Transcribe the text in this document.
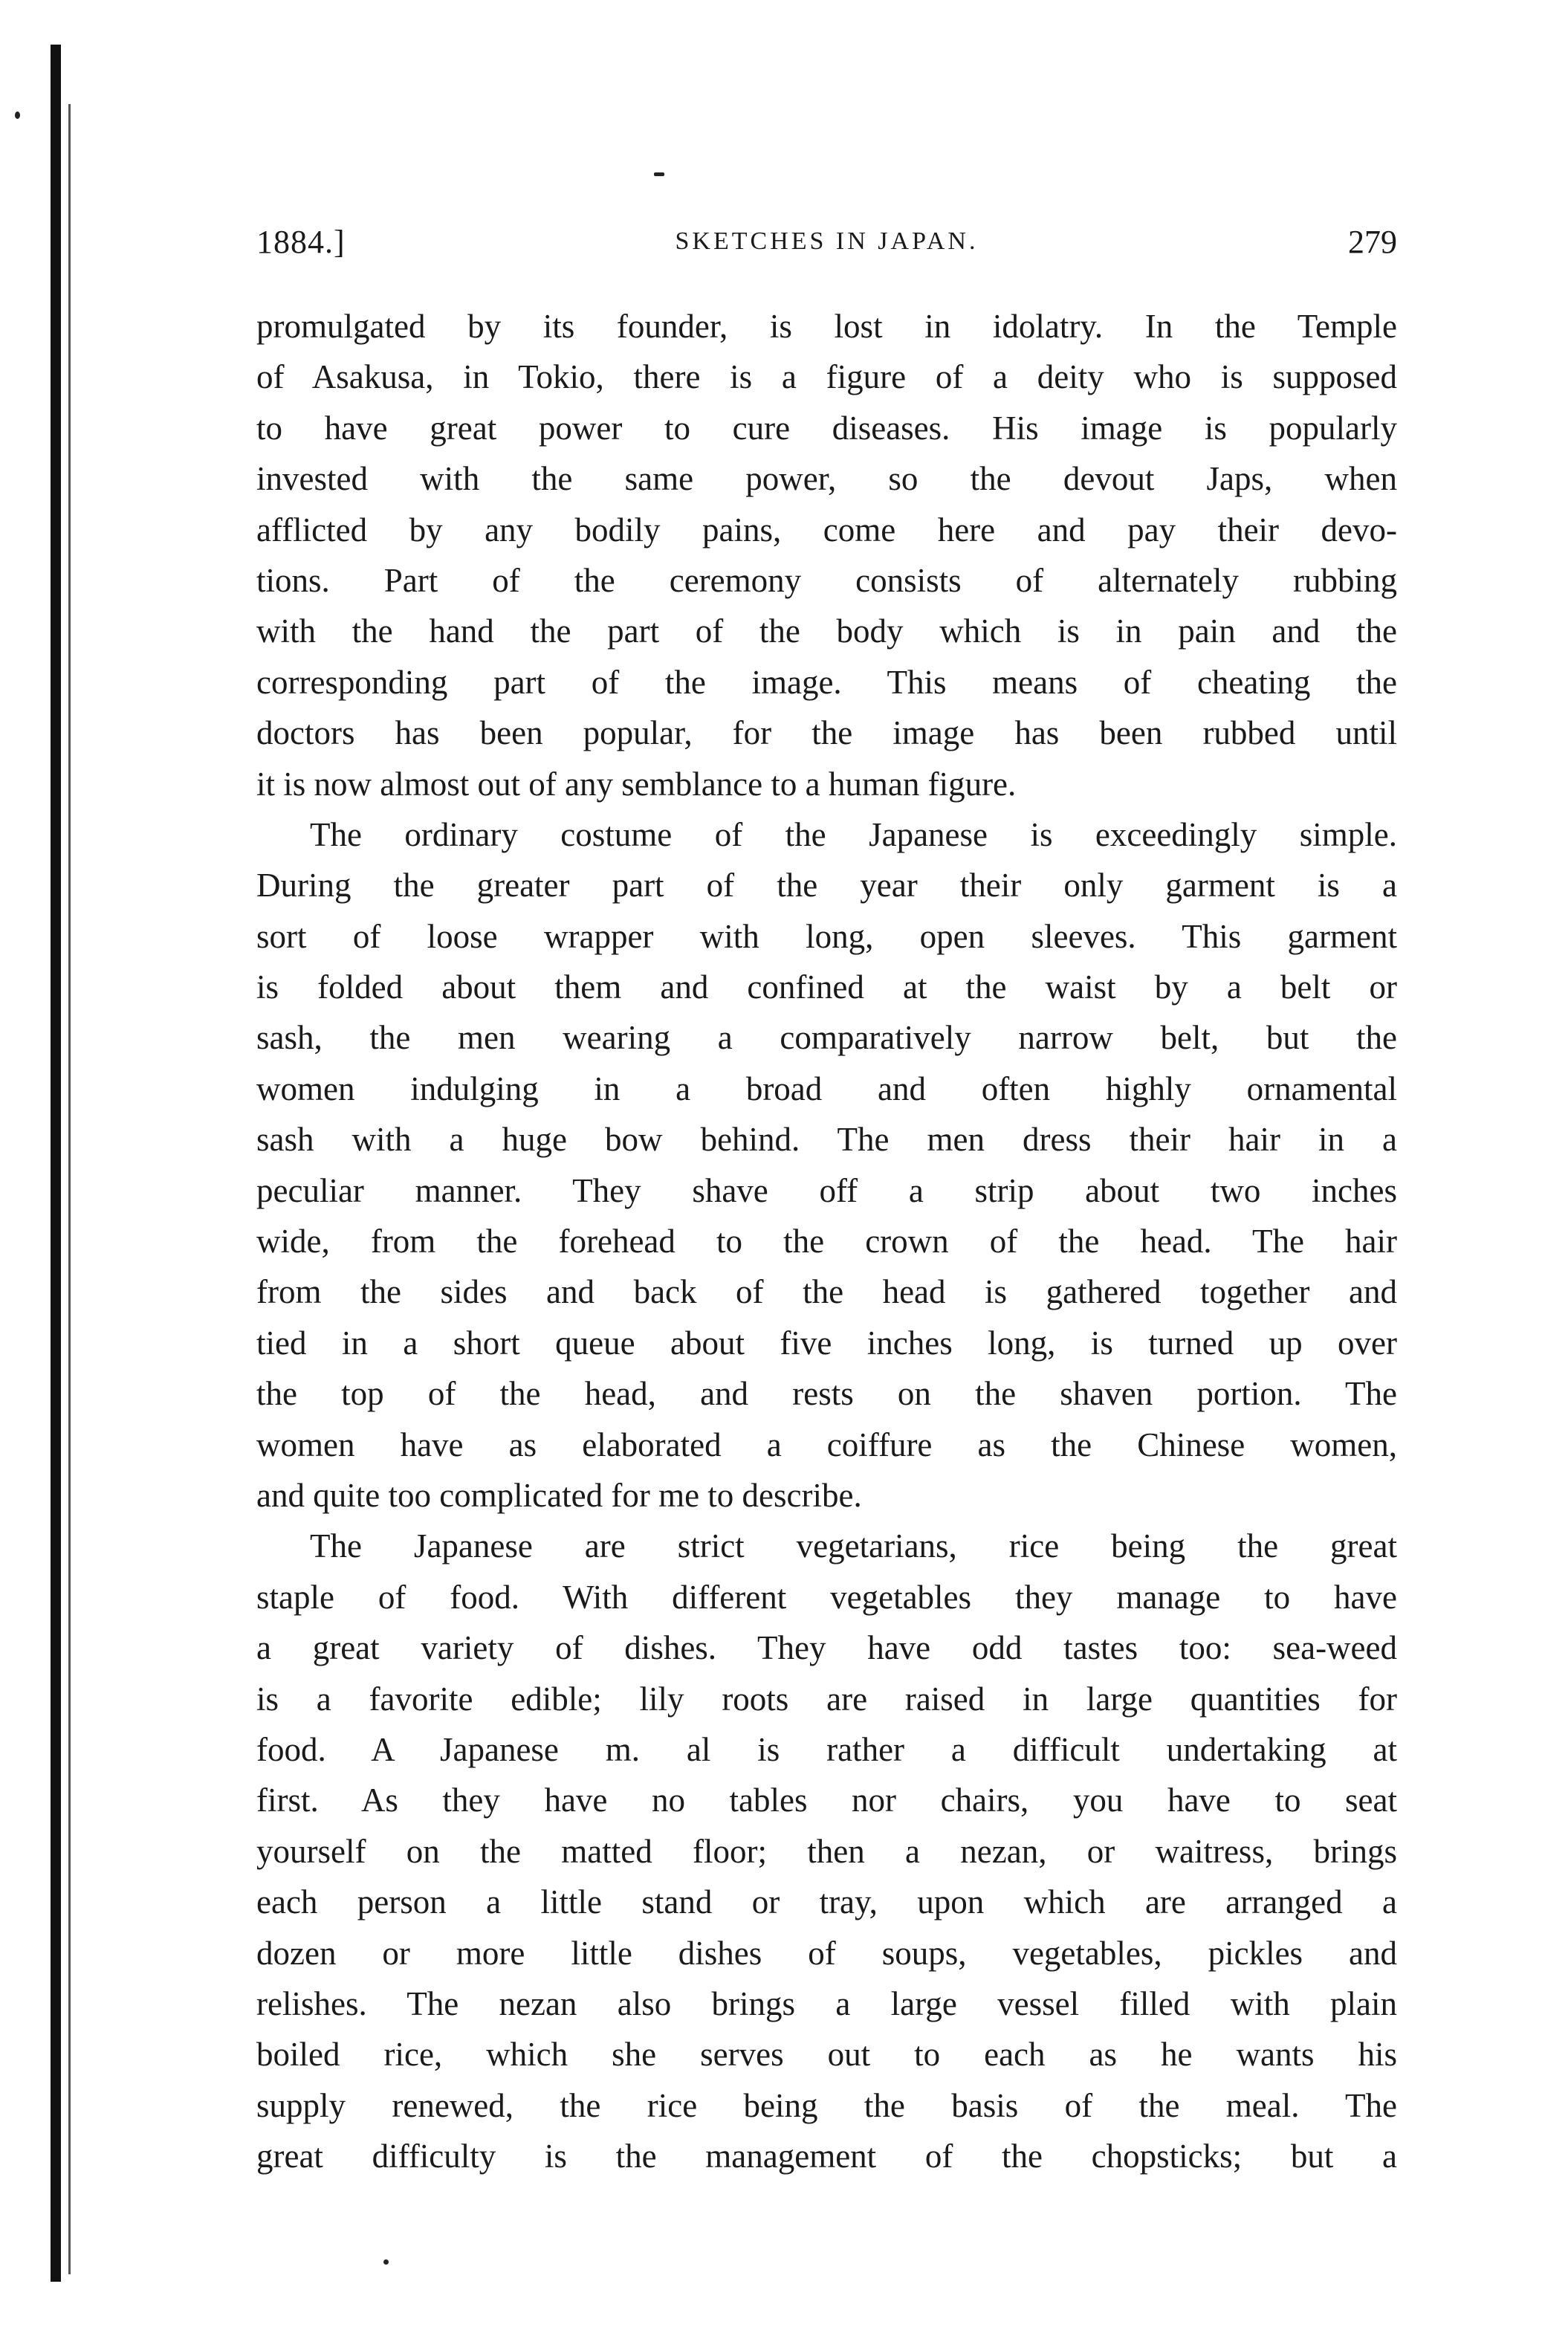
1884.]	SKETCHES IN JAPAN.	279
promulgated by its founder, is lost in idolatry. In the Temple
of Asakusa, in Tokio, there is a figure of a deity who is supposed
to have great power to cure diseases. His image is popularly
invested with the same power, so the devout Japs, when
afflicted by any bodily pains, come here and pay their devo-
tions. Part of the ceremony consists of alternately rubbing
with the hand the part of the body which is in pain and the
corresponding part of the image. This means of cheating the
doctors has been popular, for the image has been rubbed until
it is now almost out of any semblance to a human figure.
The ordinary costume of the Japanese is exceedingly simple.
During the greater part of the year their only garment is a
sort of loose wrapper with long, open sleeves. This garment
is folded about them and confined at the waist by a belt or
sash, the men wearing a comparatively narrow belt, but the
women indulging in a broad and often highly ornamental
sash with a huge bow behind. The men dress their hair in a
peculiar manner. They shave off a strip about two inches
wide, from the forehead to the crown of the head. The hair
from the sides and back of the head is gathered together and
tied in a short queue about five inches long, is turned up over
the top of the head, and rests on the shaven portion. The
women have as elaborated a coiffure as the Chinese women,
and quite too complicated for me to describe.
The Japanese are strict vegetarians, rice being the great
staple of food. With different vegetables they manage to have
a great variety of dishes. They have odd tastes too: sea-weed
is a favorite edible; lily roots are raised in large quantities for
food. A Japanese m. al is rather a difficult undertaking at
first. As they have no tables nor chairs, you have to seat
yourself on the matted floor; then a nezan, or waitress, brings
each person a little stand or tray, upon which are arranged a
dozen or more little dishes of soups, vegetables, pickles and
relishes. The nezan also brings a large vessel filled with plain
boiled rice, which she serves out to each as he wants his
supply renewed, the rice being the basis of the meal. The
great difficulty is the management of the chopsticks; but a
